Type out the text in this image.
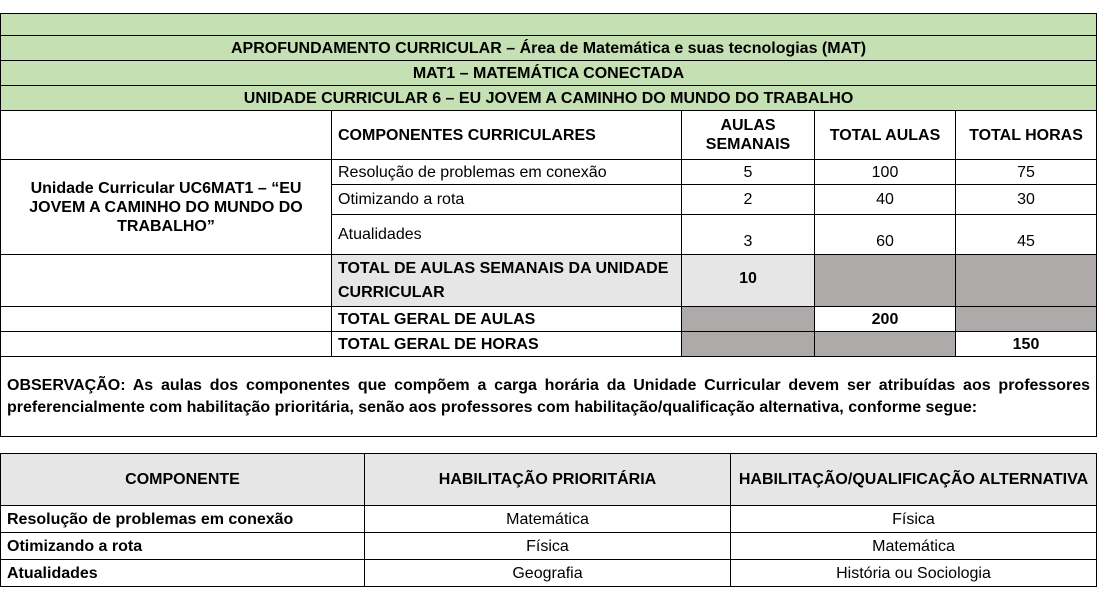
APROFUNDAMENTO CURRICULAR – Área de Matemática e suas tecnologias (MAT)				
MAT1 – MATEMÁTICA CONECTADA				
UNIDADE CURRICULAR 6 – EU JOVEM A CAMINHO DO MUNDO DO TRABALHO				
	COMPONENTES CURRICULARES	AULAS SEMANAIS	TOTAL AULAS	TOTAL HORAS
Unidade Curricular UC6MAT1 – “EU JOVEM A CAMINHO DO MUNDO DO TRABALHO”	Resolução de problemas em conexão	5	100	75
	Otimizando a rota	2	40	30
	Atualidades	3	60	45
	TOTAL DE AULAS SEMANAIS DA UNIDADE CURRICULAR	10		
	TOTAL GERAL DE AULAS		200	
	TOTAL GERAL DE HORAS			150
OBSERVAÇÃO: As aulas dos componentes que compõem a carga horária da Unidade Curricular devem ser atribuídas aos professores preferencialmente com habilitação prioritária, senão aos professores com habilitação/qualificação alternativa, conforme segue:				
COMPONENTE	HABILITAÇÃO PRIORITÁRIA	HABILITAÇÃO/QUALIFICAÇÃO ALTERNATIVA
Resolução de problemas em conexão	Matemática	Física
Otimizando a rota	Física	Matemática
Atualidades	Geografia	História ou Sociologia
